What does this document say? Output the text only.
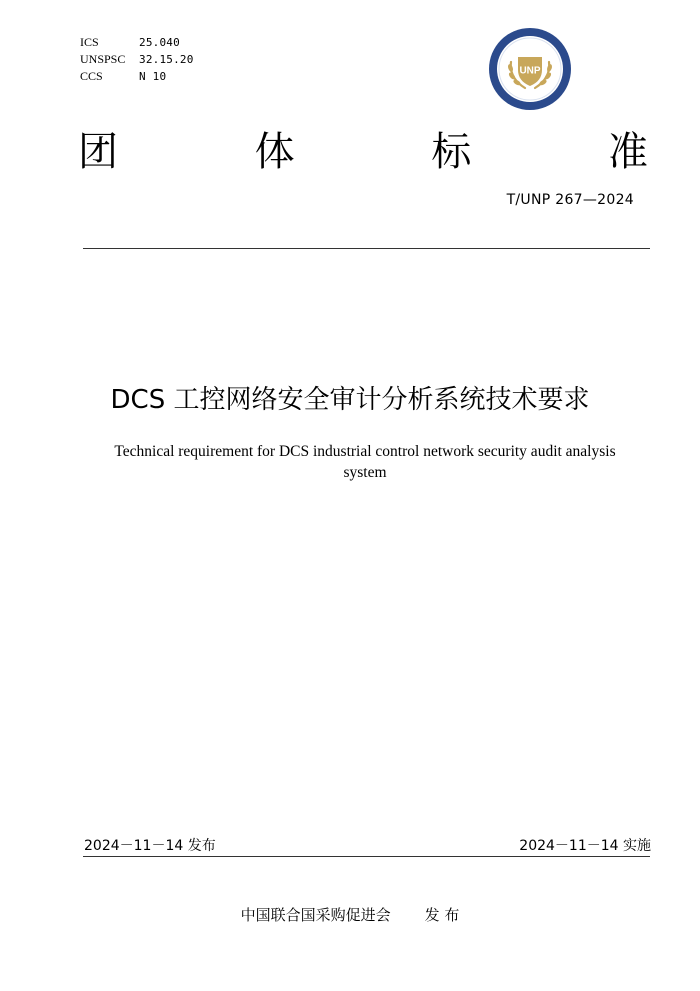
ICS	25.040
UNSPSC	32.15.20
CCS	N 10	UNP
团	体	标	准
T/UNP 267—2024
DCS 工控网络安全审计分析系统技术要求
Technical requirement for DCS industrial control network security audit analysis system
2024－11－14 发布	2024－11－14 实施
中国联合国采购促进会 发 布
